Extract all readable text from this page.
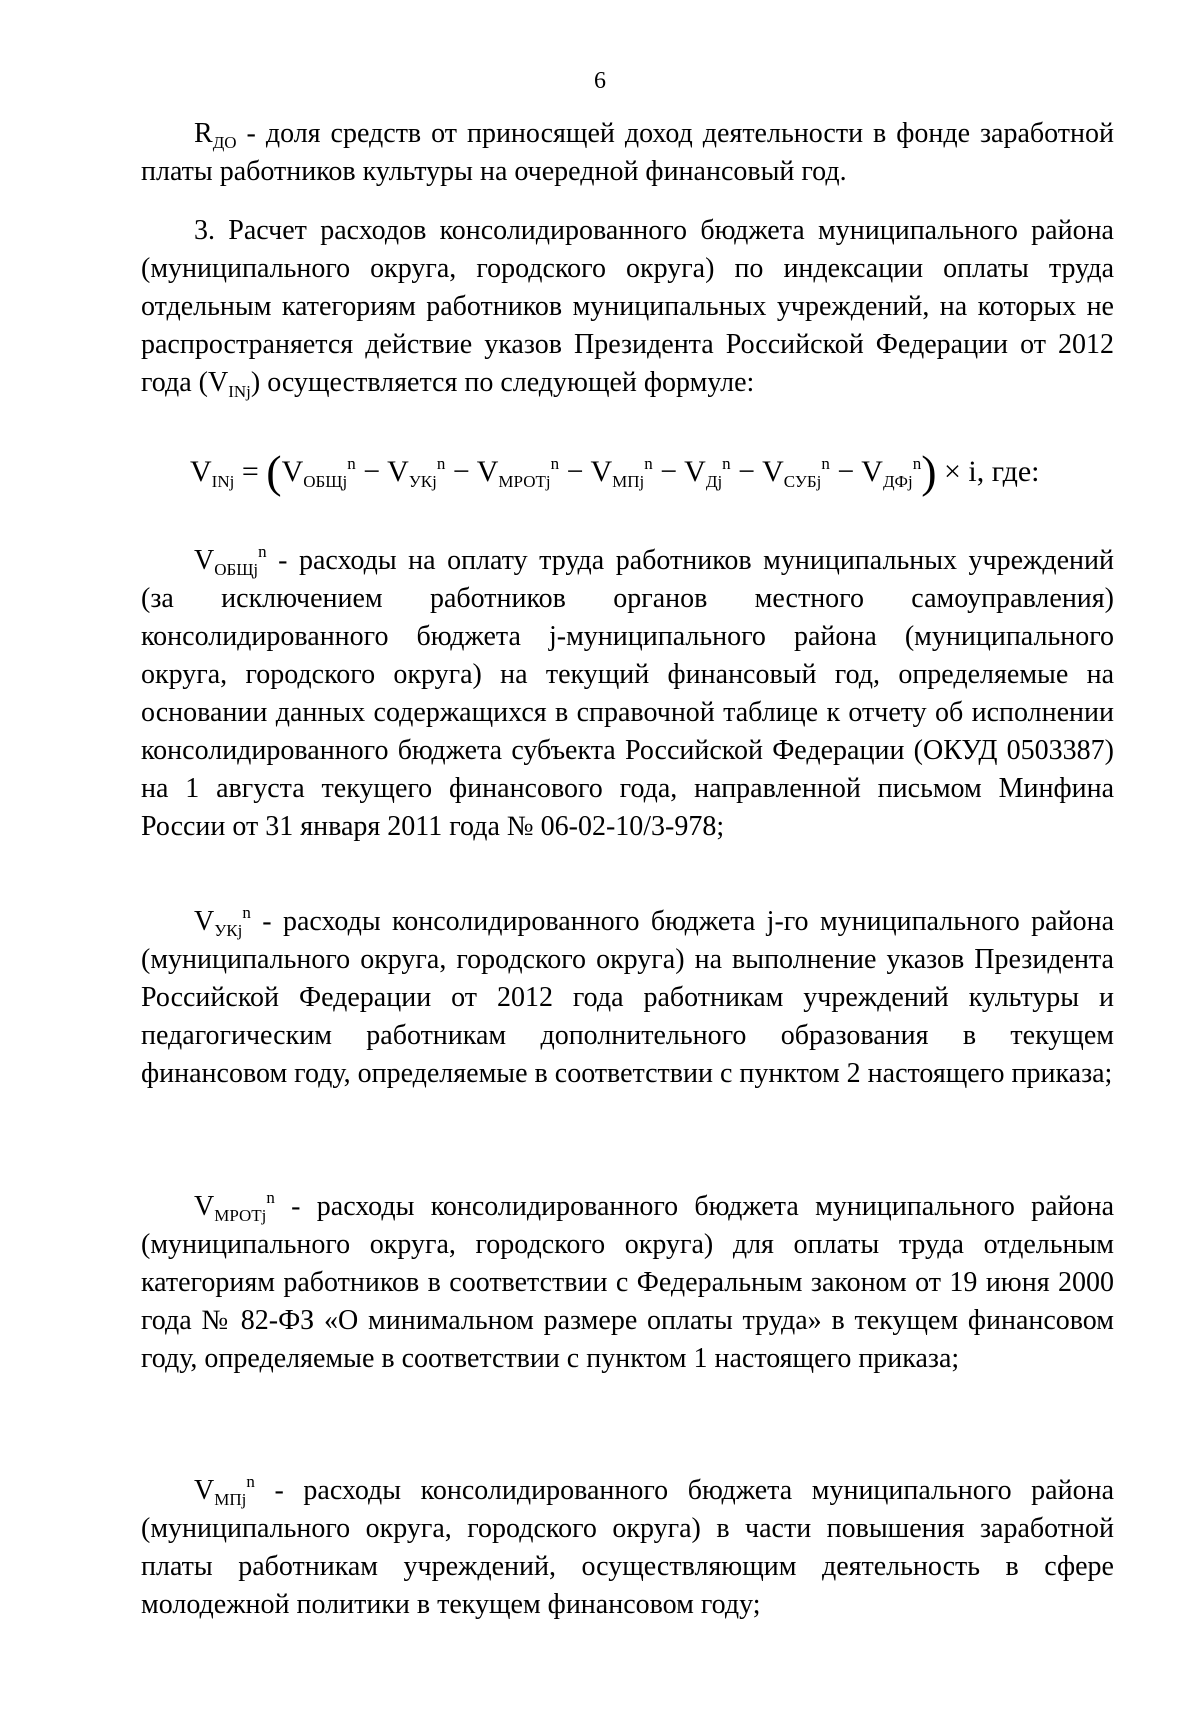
6

$R_{ДО}$ - доля средств от приносящей доход деятельности в фонде заработной платы работников культуры на очередной финансовый год.

3. Расчет расходов консолидированного бюджета муниципального района (муниципального округа, городского округа) по индексации оплаты труда отдельным категориям работников муниципальных учреждений, на которых не распространяется действие указов Президента Российской Федерации от 2012 года $(V_{INj})$ осуществляется по следующей формуле:

$V_{INj} = (V_{ОБЩj}^n - V_{УКj}^n - V_{МРОТj}^n - V_{МПj}^n - V_{Дj}^n - V_{СУБj}^n - V_{ДФj}^n) \times i$, где:

$V_{ОБЩj}^n$ - расходы на оплату труда работников муниципальных учреждений (за исключением работников органов местного самоуправления) консолидированного бюджета j-муниципального района (муниципального округа, городского округа) на текущий финансовый год, определяемые на основании данных содержащихся в справочной таблице к отчету об исполнении консолидированного бюджета субъекта Российской Федерации (ОКУД 0503387) на 1 августа текущего финансового года, направленной письмом Минфина России от 31 января 2011 года № 06-02-10/3-978;

$V_{УКj}^n$ - расходы консолидированного бюджета j-го муниципального района (муниципального округа, городского округа) на выполнение указов Президента Российской Федерации от 2012 года работникам учреждений культуры и педагогическим работникам дополнительного образования в текущем финансовом году, определяемые в соответствии с пунктом 2 настоящего приказа;

$V_{МРОТj}^n$ - расходы консолидированного бюджета муниципального района (муниципального округа, городского округа) для оплаты труда отдельным категориям работников в соответствии с Федеральным законом от 19 июня 2000 года № 82-ФЗ «О минимальном размере оплаты труда» в текущем финансовом году, определяемые в соответствии с пунктом 1 настоящего приказа;

$V_{МПj}^n$ - расходы консолидированного бюджета муниципального района (муниципального округа, городского округа) в части повышения заработной платы работникам учреждений, осуществляющим деятельность в сфере молодежной политики в текущем финансовом году;
